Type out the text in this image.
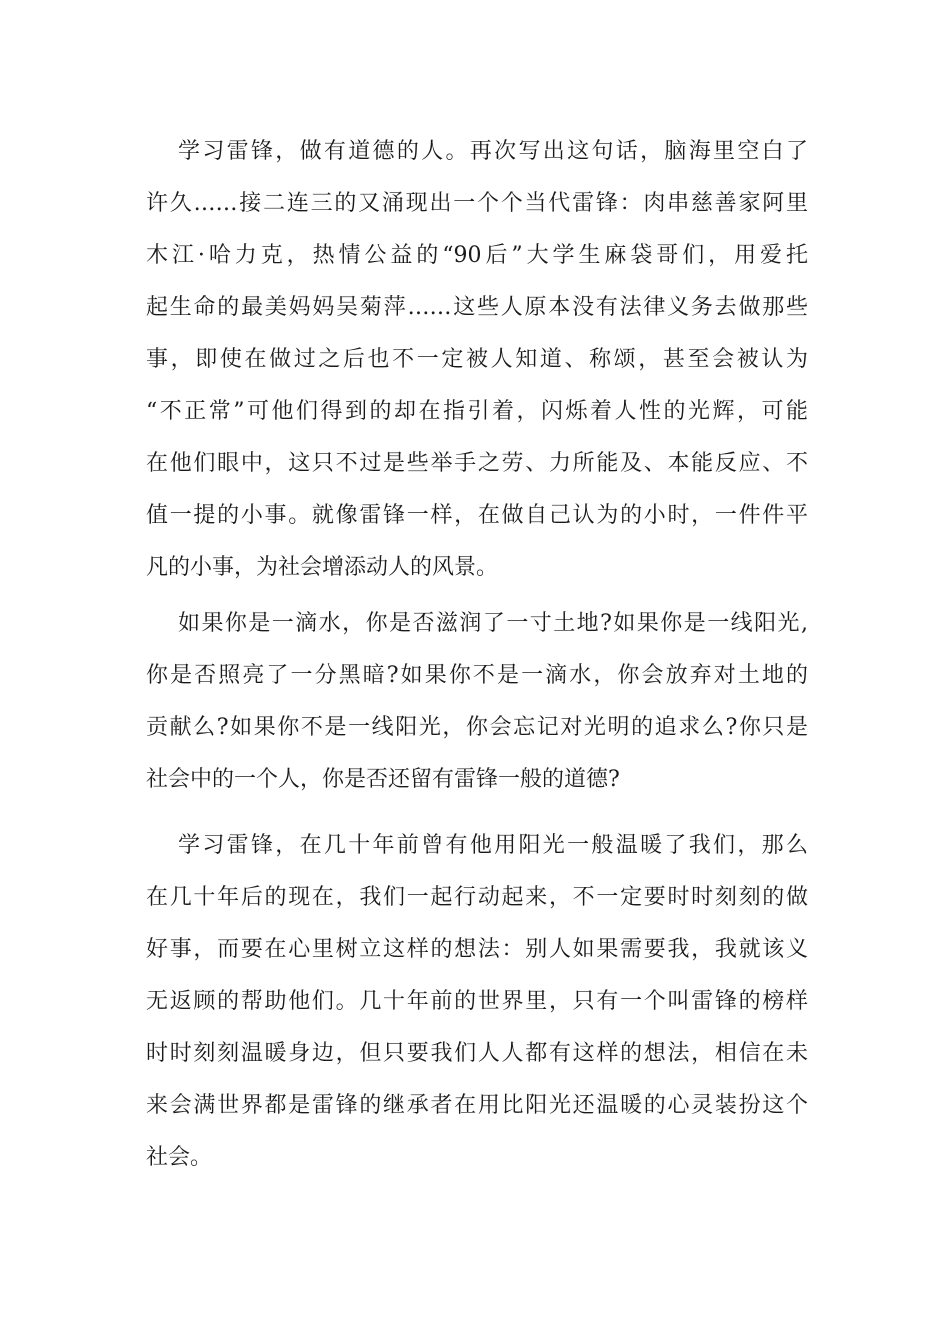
学习雷锋，做有道德的人。再次写出这句话，脑海里空白了
许久……接二连三的又涌现出一个个当代雷锋：肉串慈善家阿里
木江·哈力克，热情公益的“90后”大学生麻袋哥们，用爱托
起生命的最美妈妈吴菊萍……这些人原本没有法律义务去做那些
事，即使在做过之后也不一定被人知道、称颂，甚至会被认为
“不正常”可他们得到的却在指引着，闪烁着人性的光辉，可能
在他们眼中，这只不过是些举手之劳、力所能及、本能反应、不
值一提的小事。就像雷锋一样，在做自己认为的小时，一件件平
凡的小事，为社会增添动人的风景。
如果你是一滴水，你是否滋润了一寸土地?如果你是一线阳光,
你是否照亮了一分黑暗?如果你不是一滴水，你会放弃对土地的
贡献么?如果你不是一线阳光，你会忘记对光明的追求么?你只是
社会中的一个人，你是否还留有雷锋一般的道德?
学习雷锋，在几十年前曾有他用阳光一般温暖了我们，那么
在几十年后的现在，我们一起行动起来，不一定要时时刻刻的做
好事，而要在心里树立这样的想法：别人如果需要我，我就该义
无返顾的帮助他们。几十年前的世界里，只有一个叫雷锋的榜样
时时刻刻温暖身边，但只要我们人人都有这样的想法，相信在未
来会满世界都是雷锋的继承者在用比阳光还温暖的心灵装扮这个
社会。
